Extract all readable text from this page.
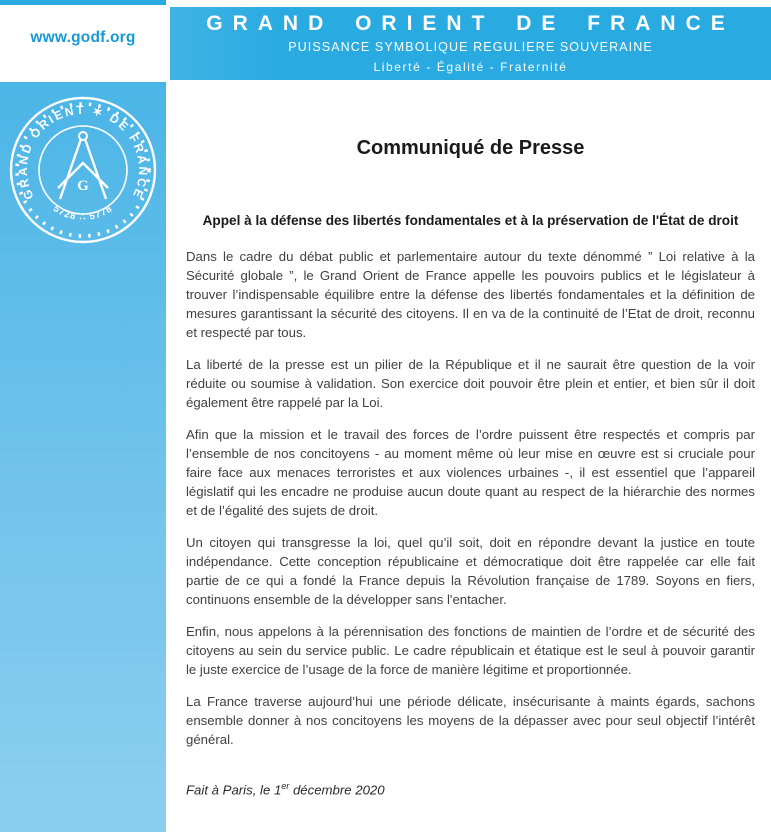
www.godf.org
GRAND ORIENT DE FRANCE
PUISSANCE SYMBOLIQUE REGULIERE SOUVERAINE
Liberté - Égalité - Fraternité
GRAND ORIENT ✶ DE FRANCE
G
5728 ∴ 5778
Communiqué de Presse
Appel à la défense des libertés fondamentales et à la préservation de l'État de droit

Dans le cadre du débat public et parlementaire autour du texte dénommé ” Loi relative à la Sécurité globale ”, le Grand Orient de France appelle les pouvoirs publics et le législateur à trouver l’indispensable équilibre entre la défense des libertés fondamentales et la définition de mesures garantissant la sécurité des citoyens. Il en va de la continuité de l’Etat de droit, reconnu et respecté par tous.

La liberté de la presse est un pilier de la République et il ne saurait être question de la voir réduite ou soumise à validation. Son exercice doit pouvoir être plein et entier, et bien sûr il doit également être rappelé par la Loi.

Afin que la mission et le travail des forces de l’ordre puissent être respectés et compris par l’ensemble de nos concitoyens - au moment même où leur mise en œuvre est si cruciale pour faire face aux menaces terroristes et aux violences urbaines -, il est essentiel que l’appareil législatif qui les encadre ne produise aucun doute quant au respect de la hiérarchie des normes et de l’égalité des sujets de droit.

Un citoyen qui transgresse la loi, quel qu’il soit, doit en répondre devant la justice en toute indépendance. Cette conception républicaine et démocratique doit être rappelée car elle fait partie de ce qui a fondé la France depuis la Révolution française de 1789. Soyons en fiers, continuons ensemble de la développer sans l'entacher.

Enfin, nous appelons à la pérennisation des fonctions de maintien de l’ordre et de sécurité des citoyens au sein du service public. Le cadre républicain et étatique est le seul à pouvoir garantir le juste exercice de l’usage de la force de manière légitime et proportionnée.

La France traverse aujourd’hui une période délicate, insécurisante à maints égards, sachons ensemble donner à nos concitoyens les moyens de la dépasser avec pour seul objectif l’intérêt général.

Fait à Paris, le 1er décembre 2020
